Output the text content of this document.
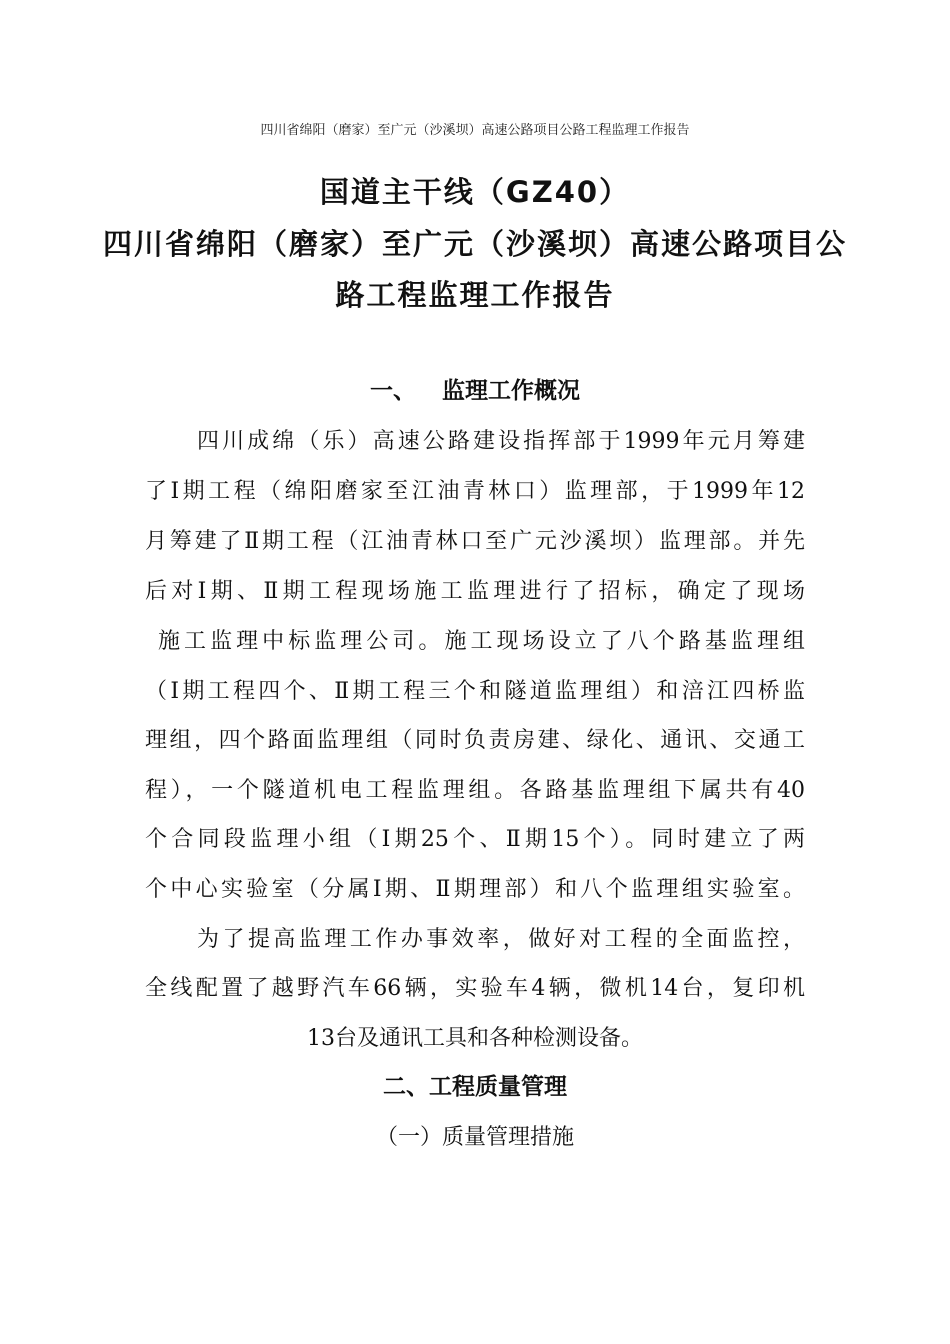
四川省绵阳（磨家）至广元（沙溪坝）高速公路项目公路工程监理工作报告
国道主干线（GZ40）
四川省绵阳（磨家）至广元（沙溪坝）高速公路项目公
路工程监理工作报告
一、 监理工作概况
四川成绵（乐）高速公路建设指挥部于1999年元月筹建
了Ⅰ期工程（绵阳磨家至江油青林口）监理部，于1999年12
月筹建了Ⅱ期工程（江油青林口至广元沙溪坝）监理部。并先
后对Ⅰ期、Ⅱ期工程现场施工监理进行了招标，确定了现场
施工监理中标监理公司。施工现场设立了八个路基监理组
（Ⅰ期工程四个、Ⅱ期工程三个和隧道监理组）和涪江四桥监
理组，四个路面监理组（同时负责房建、绿化、通讯、交通工
程），一个隧道机电工程监理组。各路基监理组下属共有40
个合同段监理小组（Ⅰ期25个、Ⅱ期15个）。同时建立了两
个中心实验室（分属Ⅰ期、Ⅱ期理部）和八个监理组实验室。
为了提高监理工作办事效率，做好对工程的全面监控，
全线配置了越野汽车66辆，实验车4辆，微机14台，复印机
13台及通讯工具和各种检测设备。
二、工程质量管理
（一）质量管理措施
